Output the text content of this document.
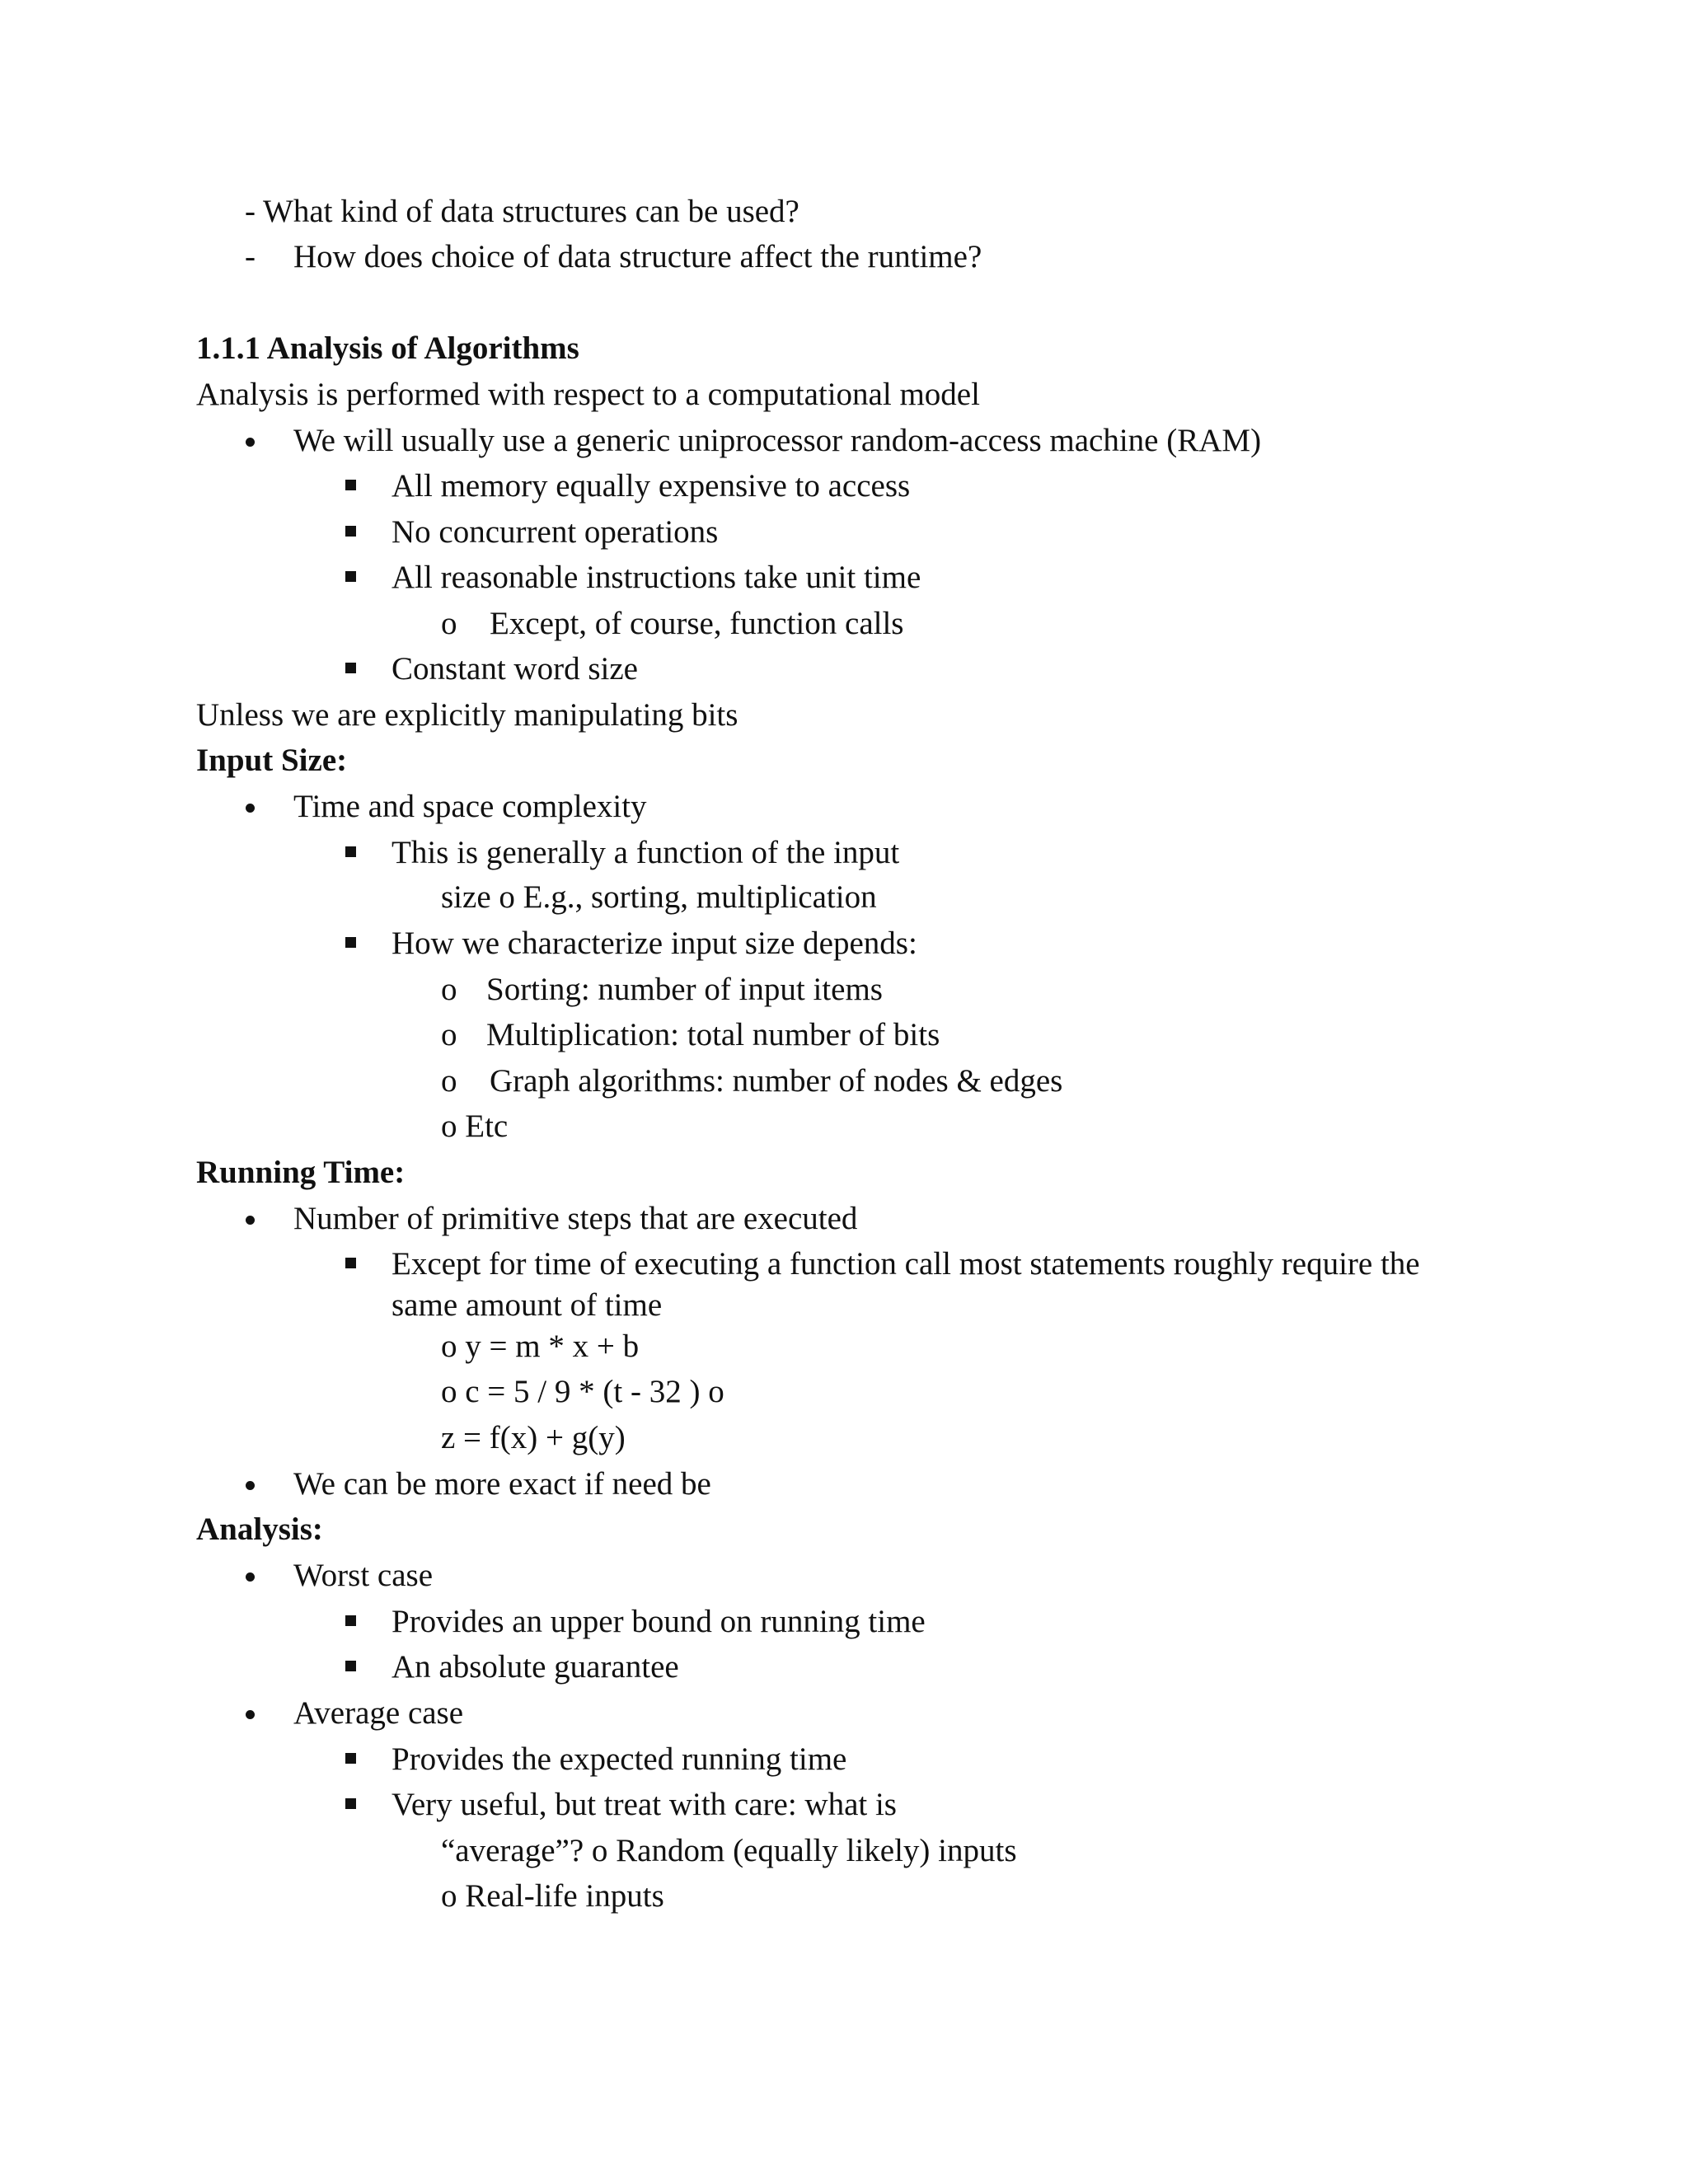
- What kind of data structures can be used?
- How does choice of data structure affect the runtime?
1.1.1 Analysis of Algorithms
Analysis is performed with respect to a computational model
We will usually use a generic uniprocessor random-access machine (RAM)
All memory equally expensive to access
No concurrent operations
All reasonable instructions take unit time
o Except, of course, function calls
Constant word size
Unless we are explicitly manipulating bits
Input Size:
Time and space complexity
This is generally a function of the input
size o E.g., sorting, multiplication
How we characterize input size depends:
o Sorting: number of input items
o Multiplication: total number of bits
o Graph algorithms: number of nodes & edges
o Etc
Running Time:
Number of primitive steps that are executed
Except for time of executing a function call most statements roughly require the
same amount of time
o y = m * x + b
o c = 5 / 9 * (t - 32 ) o
z = f(x) + g(y)
We can be more exact if need be
Analysis:
Worst case
Provides an upper bound on running time
An absolute guarantee
Average case
Provides the expected running time
Very useful, but treat with care: what is
“average”? o Random (equally likely) inputs
o Real-life inputs
